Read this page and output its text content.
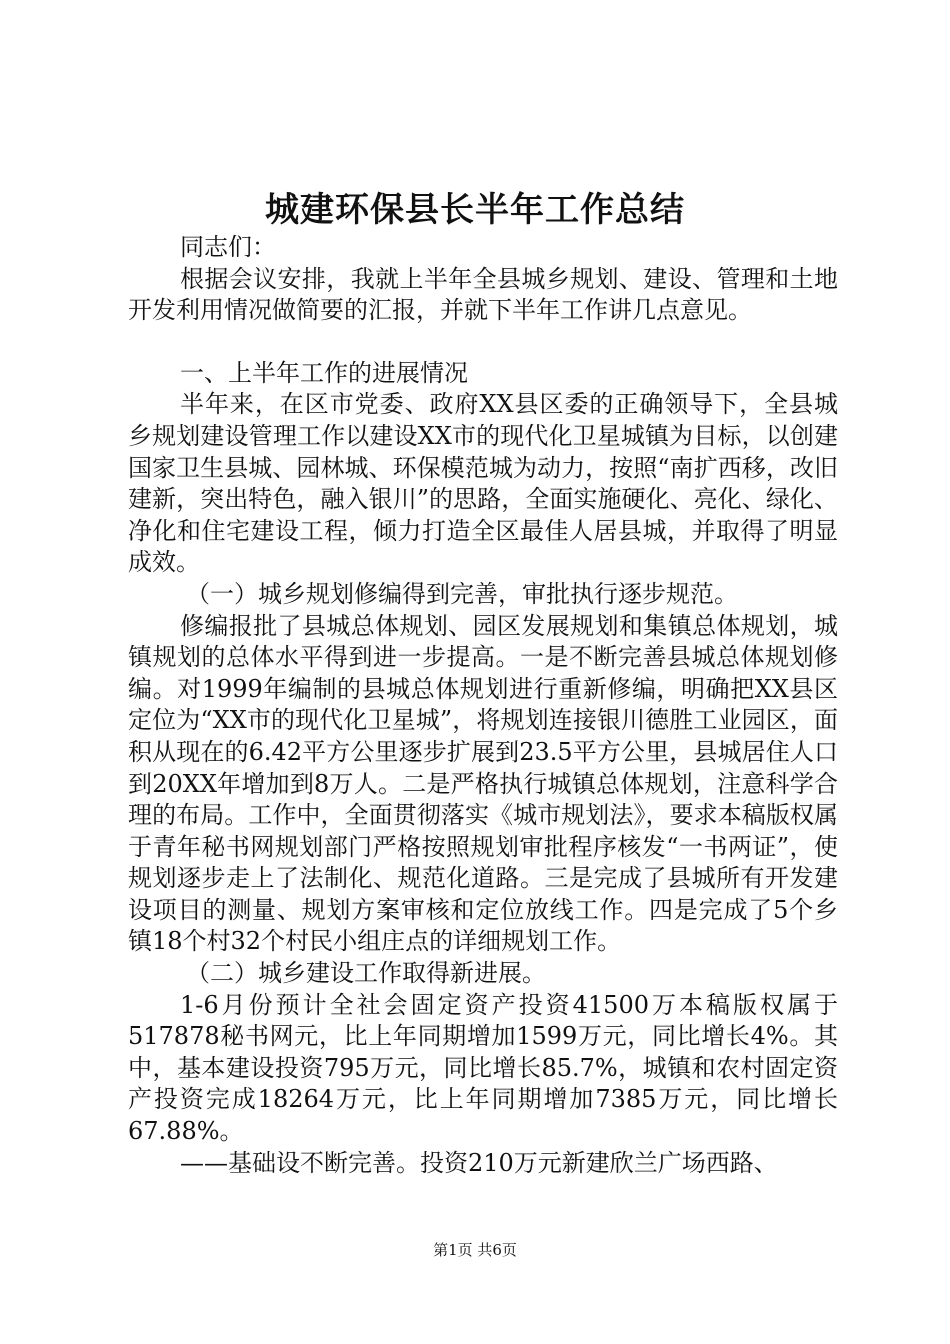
城建环保县长半年工作总结

同志们：

根据会议安排，我就上半年全县城乡规划、建设、管理和土地开发利用情况做简要的汇报，并就下半年工作讲几点意见。

一、上半年工作的进展情况

半年来，在区市党委、政府XX县区委的正确领导下，全县城乡规划建设管理工作以建设XX市的现代化卫星城镇为目标，以创建国家卫生县城、园林城、环保模范城为动力，按照“南扩西移，改旧建新，突出特色，融入银川”的思路，全面实施硬化、亮化、绿化、净化和住宅建设工程，倾力打造全区最佳人居县城，并取得了明显成效。

（一）城乡规划修编得到完善，审批执行逐步规范。

修编报批了县城总体规划、园区发展规划和集镇总体规划，城镇规划的总体水平得到进一步提高。一是不断完善县城总体规划修编。对1999年编制的县城总体规划进行重新修编，明确把XX县区定位为“XX市的现代化卫星城”，将规划连接银川德胜工业园区，面积从现在的6.42平方公里逐步扩展到23.5平方公里，县城居住人口到20XX年增加到8万人。二是严格执行城镇总体规划，注意科学合理的布局。工作中，全面贯彻落实《城市规划法》，要求本稿版权属于青年秘书网规划部门严格按照规划审批程序核发“一书两证”，使规划逐步走上了法制化、规范化道路。三是完成了县城所有开发建设项目的测量、规划方案审核和定位放线工作。四是完成了5个乡镇18个村32个村民小组庄点的详细规划工作。

（二）城乡建设工作取得新进展。

1-6月份预计全社会固定资产投资41500万本稿版权属于517878秘书网元，比上年同期增加1599万元，同比增长4%。其中，基本建设投资795万元，同比增长85.7%，城镇和农村固定资产投资完成18264万元，比上年同期增加7385万元，同比增长67.88%。

——基础设不断完善。投资210万元新建欣兰广场西路、

第1页 共6页
